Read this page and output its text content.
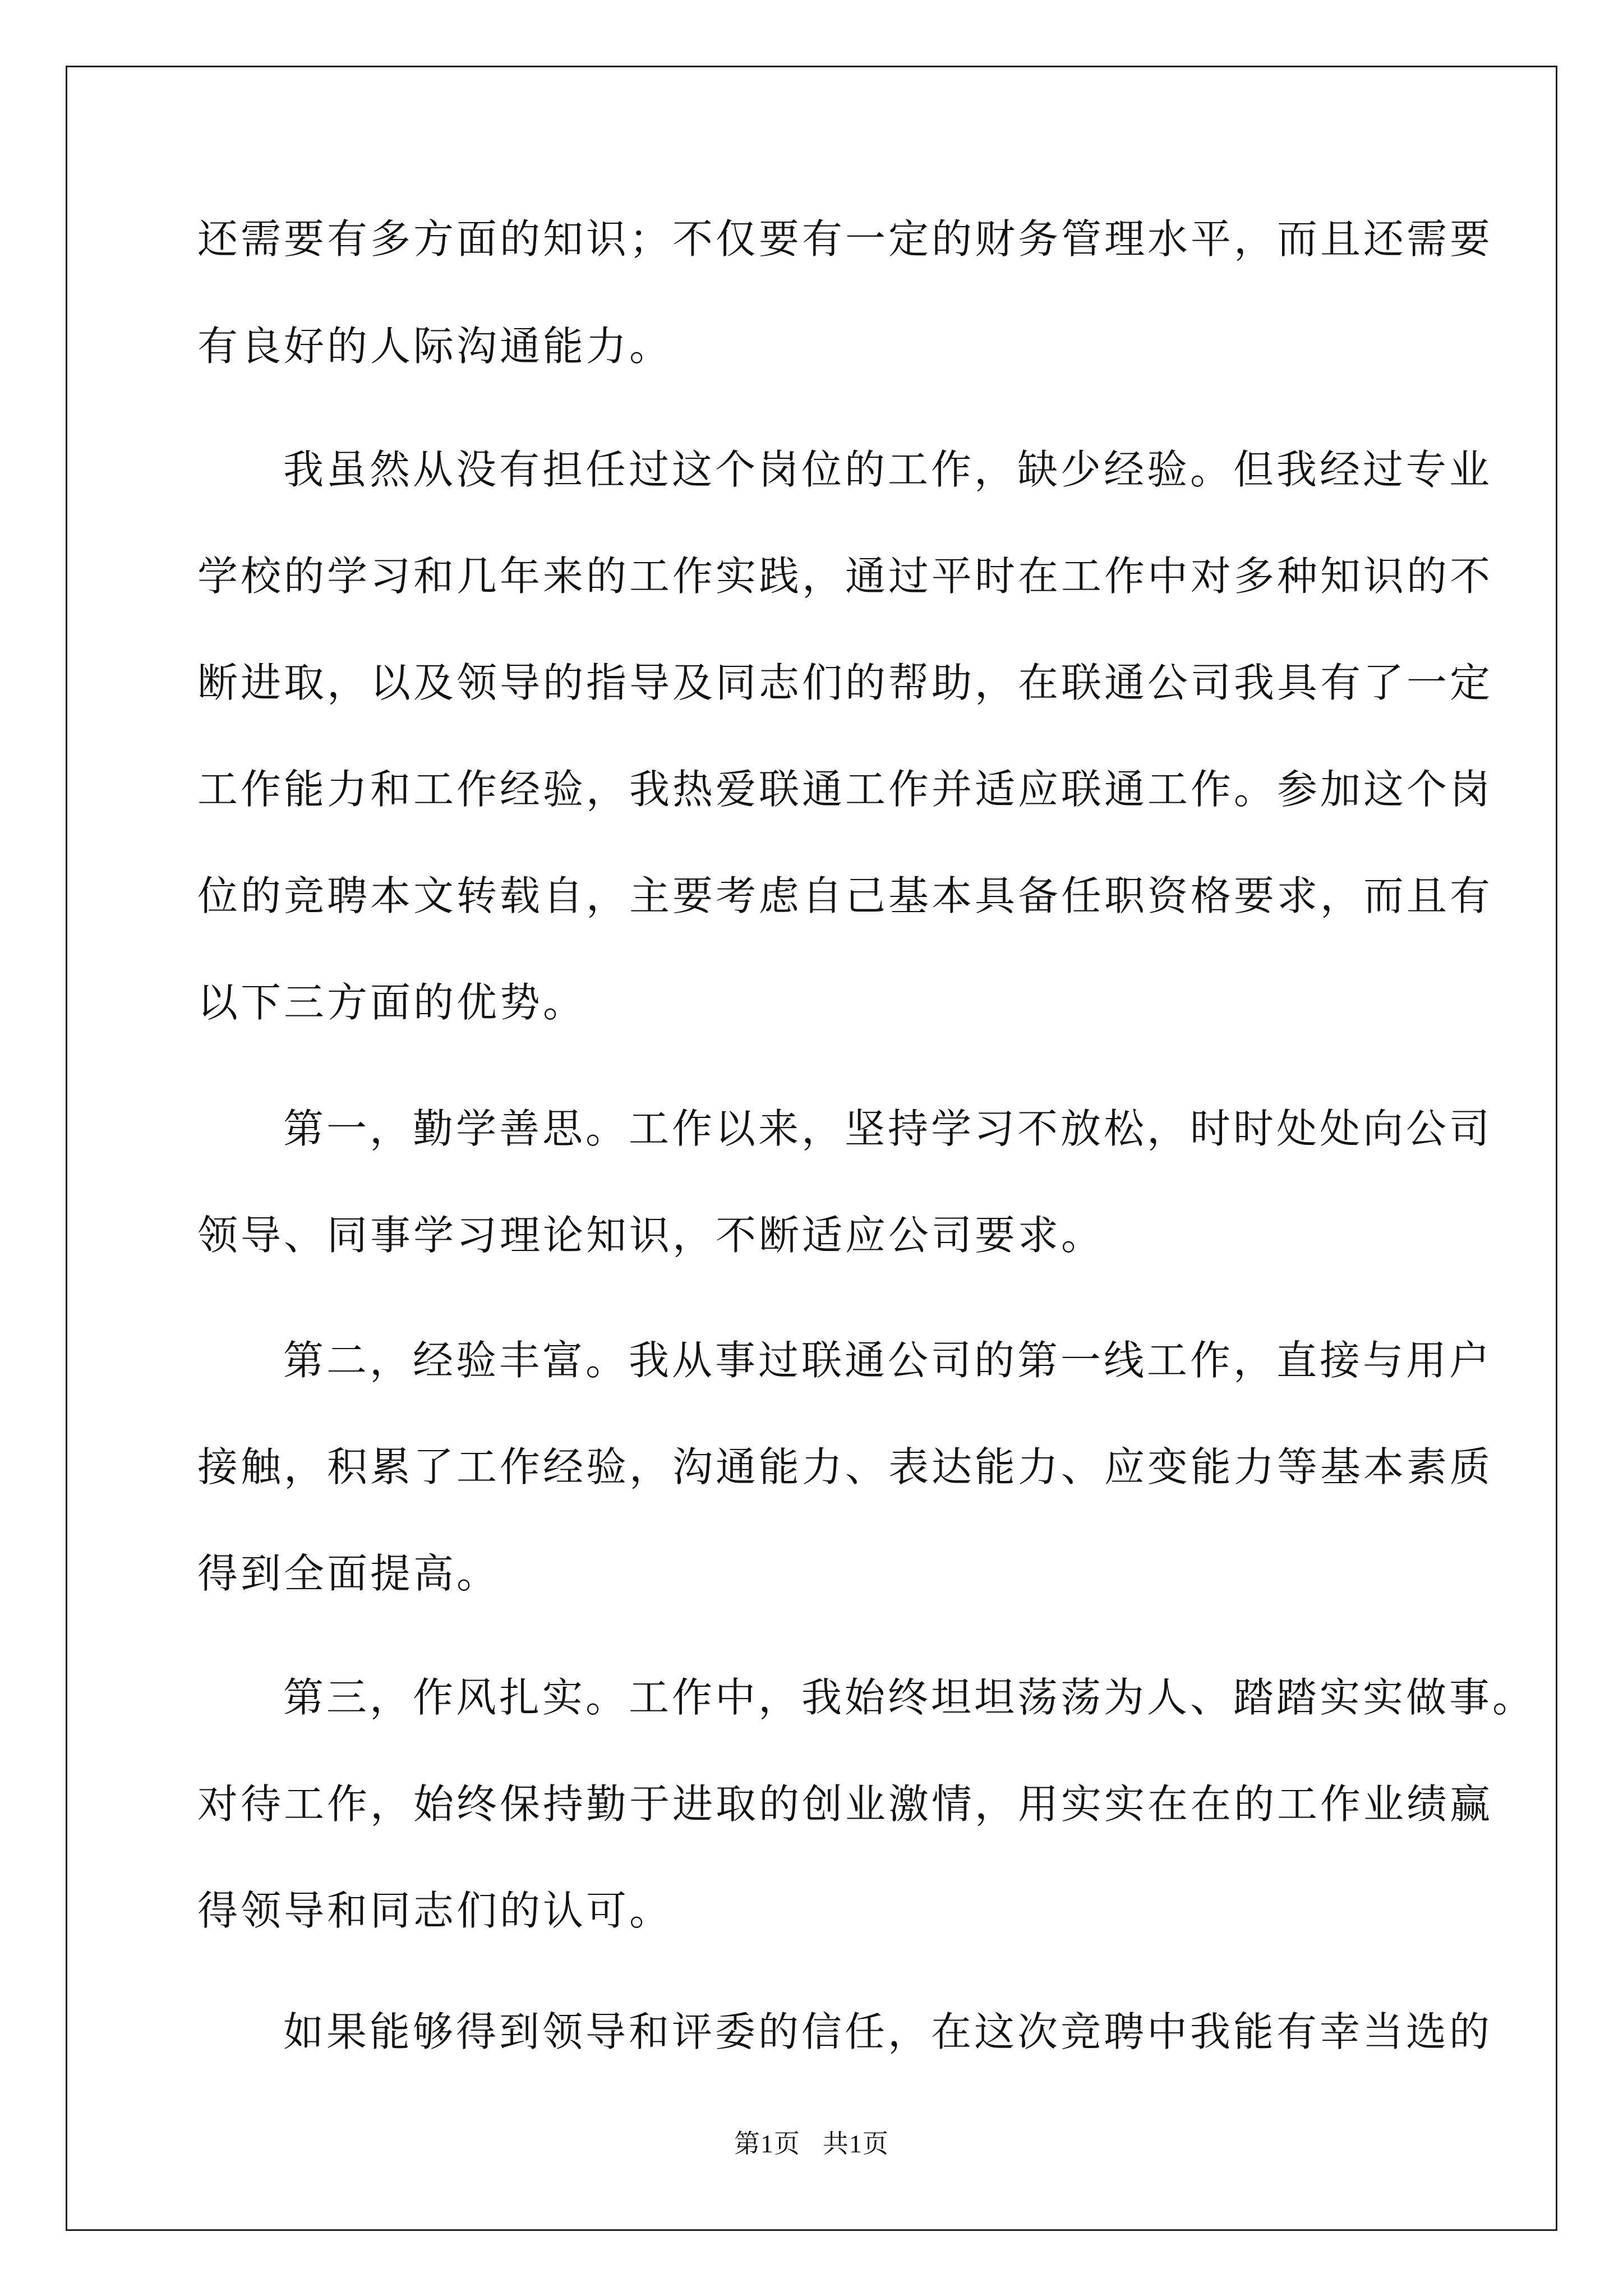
还需要有多方面的知识；不仅要有一定的财务管理水平，而且还需要
有良好的人际沟通能力。
我虽然从没有担任过这个岗位的工作，缺少经验。但我经过专业
学校的学习和几年来的工作实践，通过平时在工作中对多种知识的不
断进取，以及领导的指导及同志们的帮助，在联通公司我具有了一定
工作能力和工作经验，我热爱联通工作并适应联通工作。参加这个岗
位的竞聘本文转载自，主要考虑自己基本具备任职资格要求，而且有
以下三方面的优势。
第一，勤学善思。工作以来，坚持学习不放松，时时处处向公司
领导、同事学习理论知识，不断适应公司要求。
第二，经验丰富。我从事过联通公司的第一线工作，直接与用户
接触，积累了工作经验，沟通能力、表达能力、应变能力等基本素质
得到全面提高。
第三，作风扎实。工作中，我始终坦坦荡荡为人、踏踏实实做事。
对待工作，始终保持勤于进取的创业激情，用实实在在的工作业绩赢
得领导和同志们的认可。
如果能够得到领导和评委的信任，在这次竞聘中我能有幸当选的
第1页 共1页
